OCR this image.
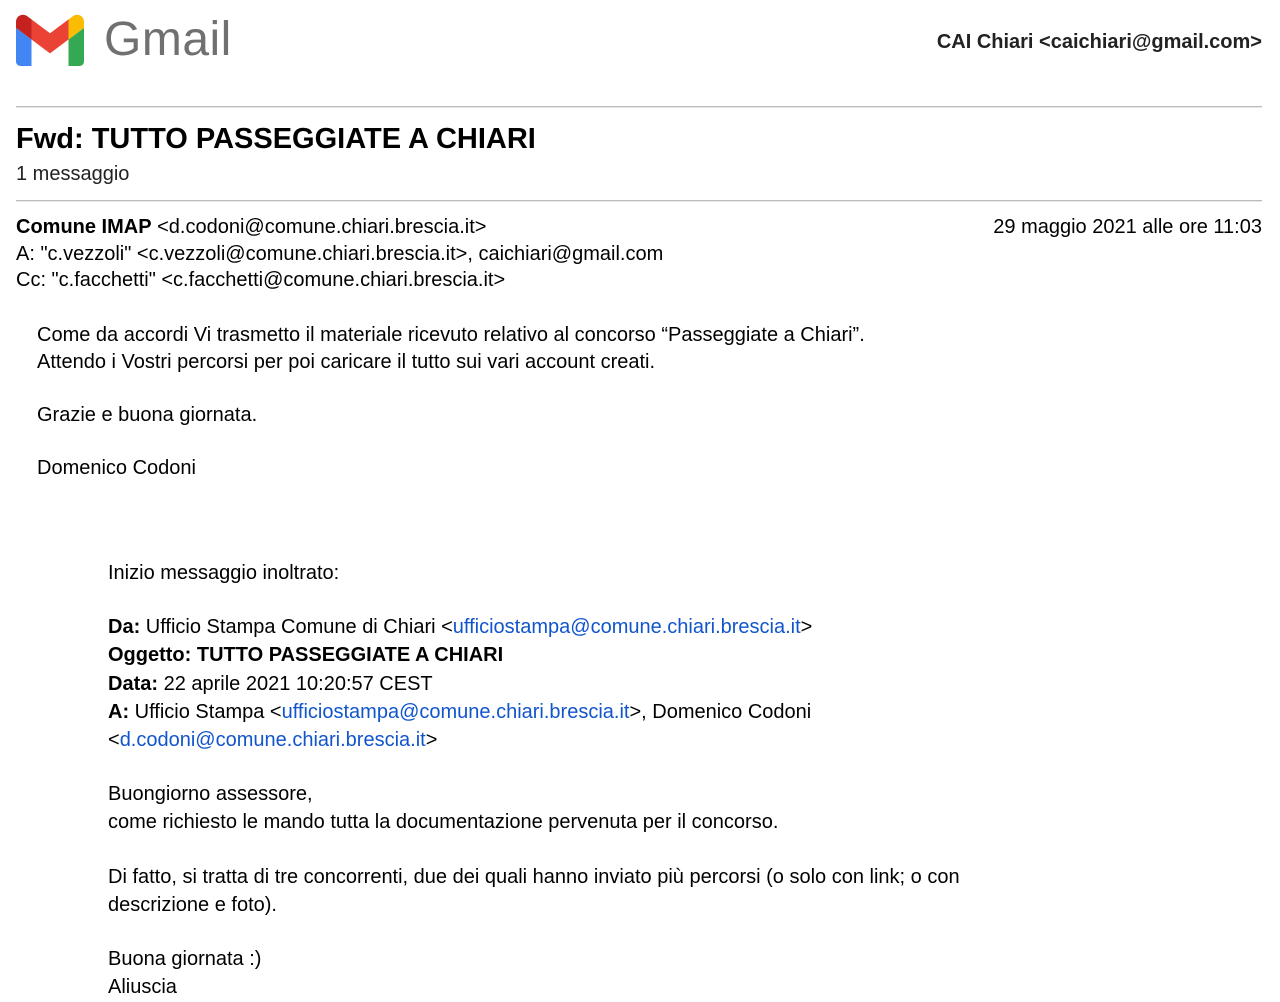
Gmail	CAI Chiari <caichiari@gmail.com>
Fwd: TUTTO PASSEGGIATE A CHIARI
1 messaggio
Comune IMAP <d.codoni@comune.chiari.brescia.it>	29 maggio 2021 alle ore 11:03
A: "c.vezzoli" <c.vezzoli@comune.chiari.brescia.it>, caichiari@gmail.com
Cc: "c.facchetti" <c.facchetti@comune.chiari.brescia.it>
Come da accordi Vi trasmetto il materiale ricevuto relativo al concorso “Passeggiate a Chiari”.
Attendo i Vostri percorsi per poi caricare il tutto sui vari account creati.
Grazie e buona giornata.
Domenico Codoni
Inizio messaggio inoltrato:
Da: Ufficio Stampa Comune di Chiari <ufficiostampa@comune.chiari.brescia.it>
Oggetto: TUTTO PASSEGGIATE A CHIARI
Data: 22 aprile 2021 10:20:57 CEST
A: Ufficio Stampa <ufficiostampa@comune.chiari.brescia.it>, Domenico Codoni
<d.codoni@comune.chiari.brescia.it>
Buongiorno assessore,
come richiesto le mando tutta la documentazione pervenuta per il concorso.
Di fatto, si tratta di tre concorrenti, due dei quali hanno inviato più percorsi (o solo con link; o con
descrizione e foto).
Buona giornata :)
Aliuscia
